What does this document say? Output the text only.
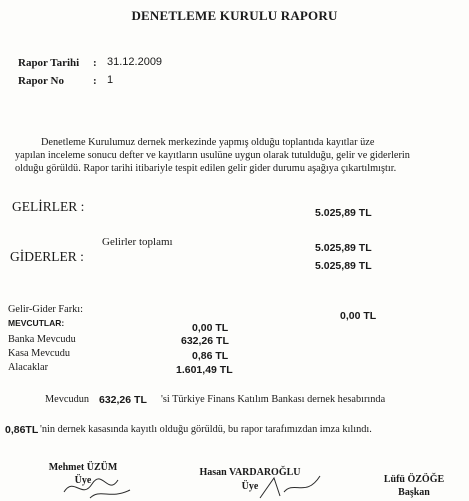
DENETLEME KURULU RAPORU
Rapor Tarihi : 31.12.2009
Rapor No	: 1
Denetleme Kurulumuz dernek merkezinde yapmış olduğu toplantıda kayıtlar üze
yapılan inceleme sonucu defter ve kayıtların usulüne uygun olarak tutulduğu, gelir ve giderlerin
olduğu görüldü. Rapor tarihi itibariyle tespit edilen gelir gider durumu aşağıya çıkartılmıştır.
GELİRLER :	5.025,89 TL
Gelirler toplamı	5.025,89 TL
GİDERLER :
5.025,89 TL
Gelir-Gider Farkı:
0,00 TL
MEVCUTLAR:	0,00 TL
Banka Mevcudu	632,26 TL
Kasa Mevcudu	0,86 TL
Alacaklar	1.601,49 TL
Mevcudun 632,26 TL 'si Türkiye Finans Katılım Bankası dernek hesabırında
0,86TL 'nin dernek kasasında kayıtlı olduğu görüldü, bu rapor tarafımızdan imza kılındı.
Mehmet ÜZÜM
Üye
Hasan VARDAROĞLU
Üye
Lüfü ÖZÖĞE
Başkan
